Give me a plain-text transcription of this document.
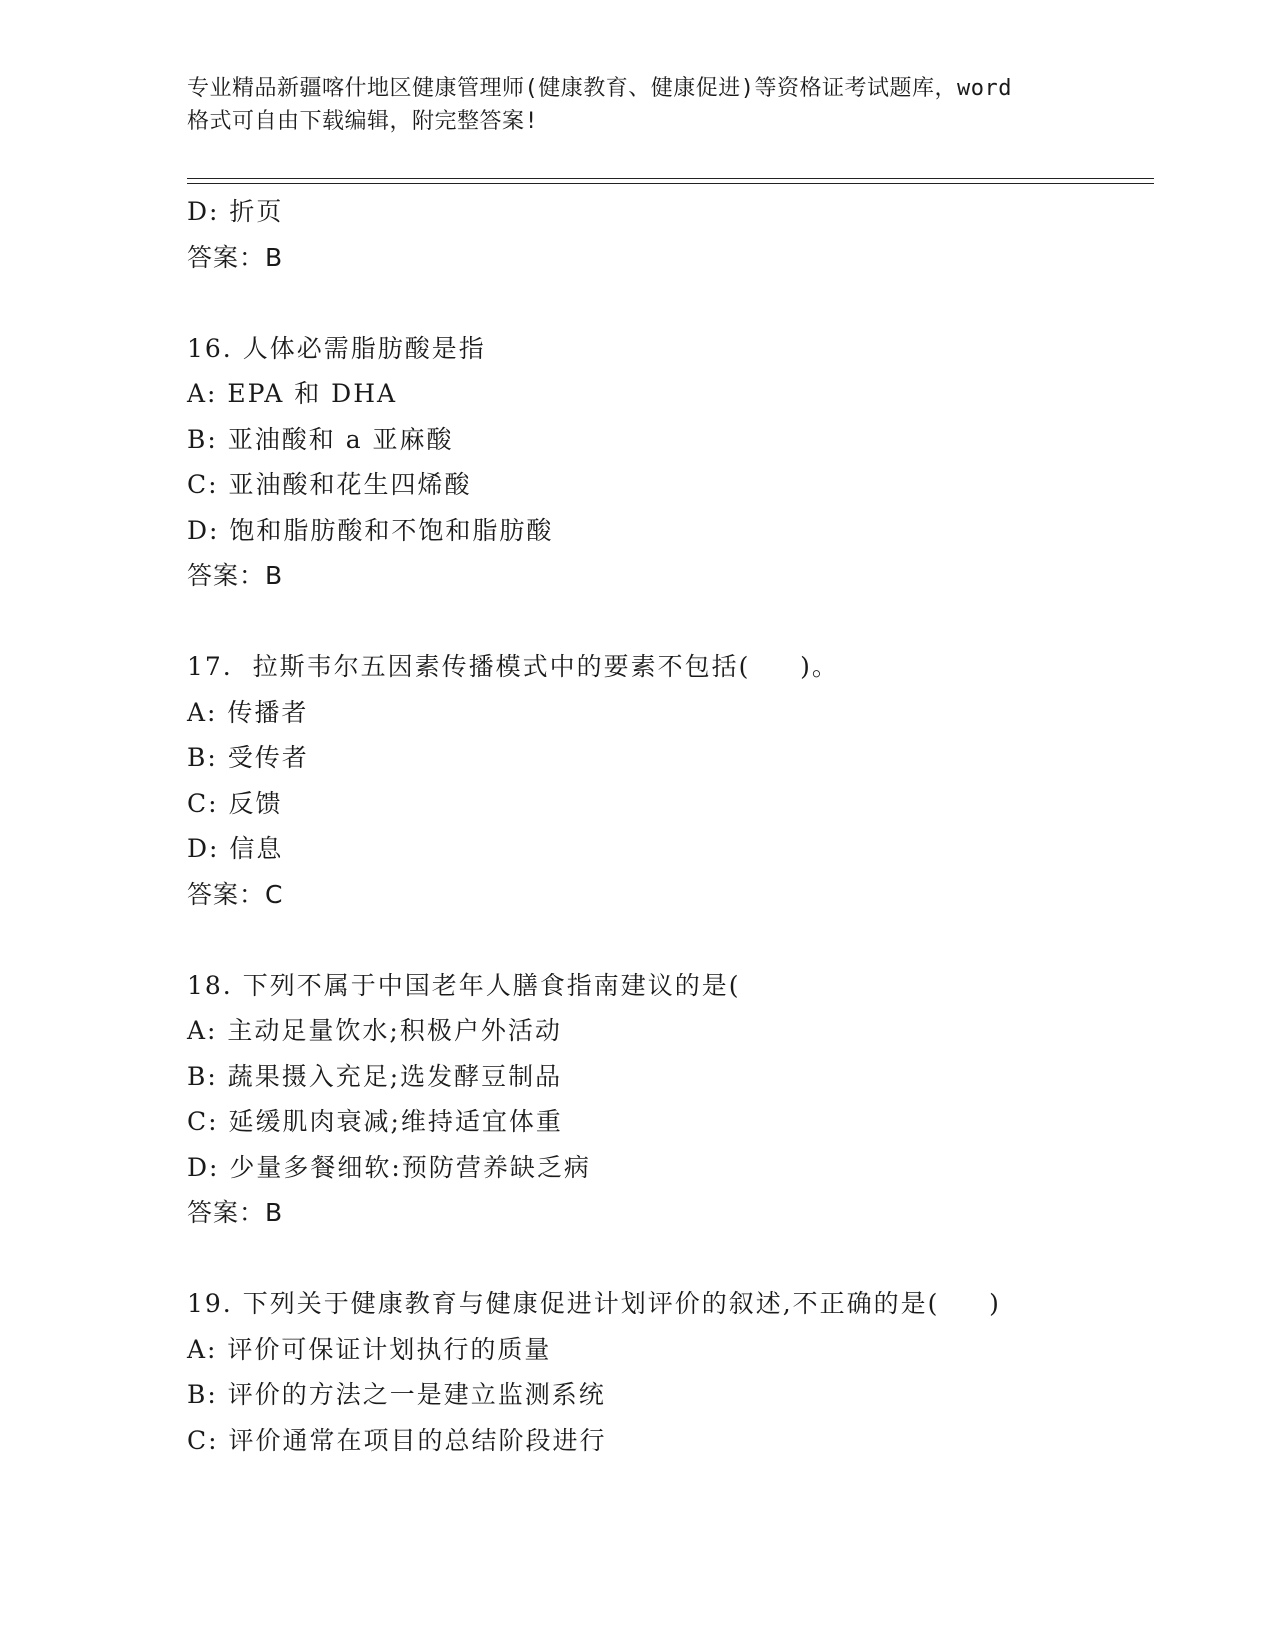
专业精品新疆喀什地区健康管理师(健康教育、健康促进)等资格证考试题库，word
格式可自由下载编辑，附完整答案!
D: 折页
答案：B
16. 人体必需脂肪酸是指
A: EPA 和 DHA
B: 亚油酸和 a 亚麻酸
C: 亚油酸和花生四烯酸
D: 饱和脂肪酸和不饱和脂肪酸
答案：B
17.  拉斯韦尔五因素传播模式中的要素不包括(     )。
A: 传播者
B: 受传者
C: 反馈
D: 信息
答案：C
18. 下列不属于中国老年人膳食指南建议的是(
A: 主动足量饮水;积极户外活动
B: 蔬果摄入充足;选发酵豆制品
C: 延缓肌肉衰减;维持适宜体重
D: 少量多餐细软:预防营养缺乏病
答案：B
19. 下列关于健康教育与健康促进计划评价的叙述,不正确的是(     )
A: 评价可保证计划执行的质量
B: 评价的方法之一是建立监测系统
C: 评价通常在项目的总结阶段进行
